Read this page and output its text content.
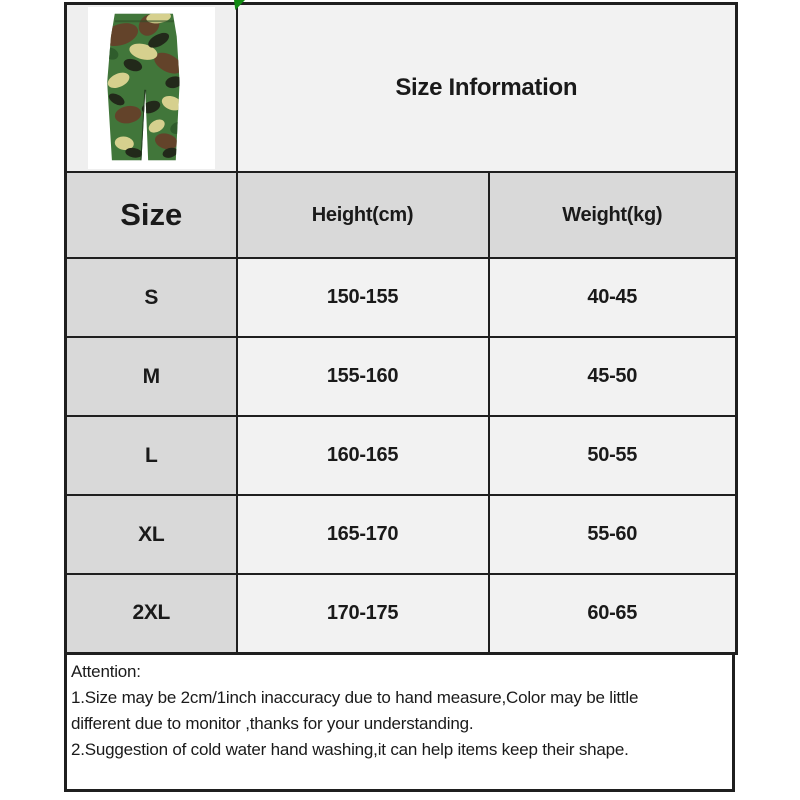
	Size Information	
Size	Height(cm)	Weight(kg)
S	150-155	40-45
M	155-160	45-50
L	160-165	50-55
XL	165-170	55-60
2XL	170-175	60-65
Attention:
1.Size may be 2cm/1inch inaccuracy due to hand measure,Color may be little
different due to monitor ,thanks for your understanding.
2.Suggestion of cold water hand washing,it can help items keep their shape.
